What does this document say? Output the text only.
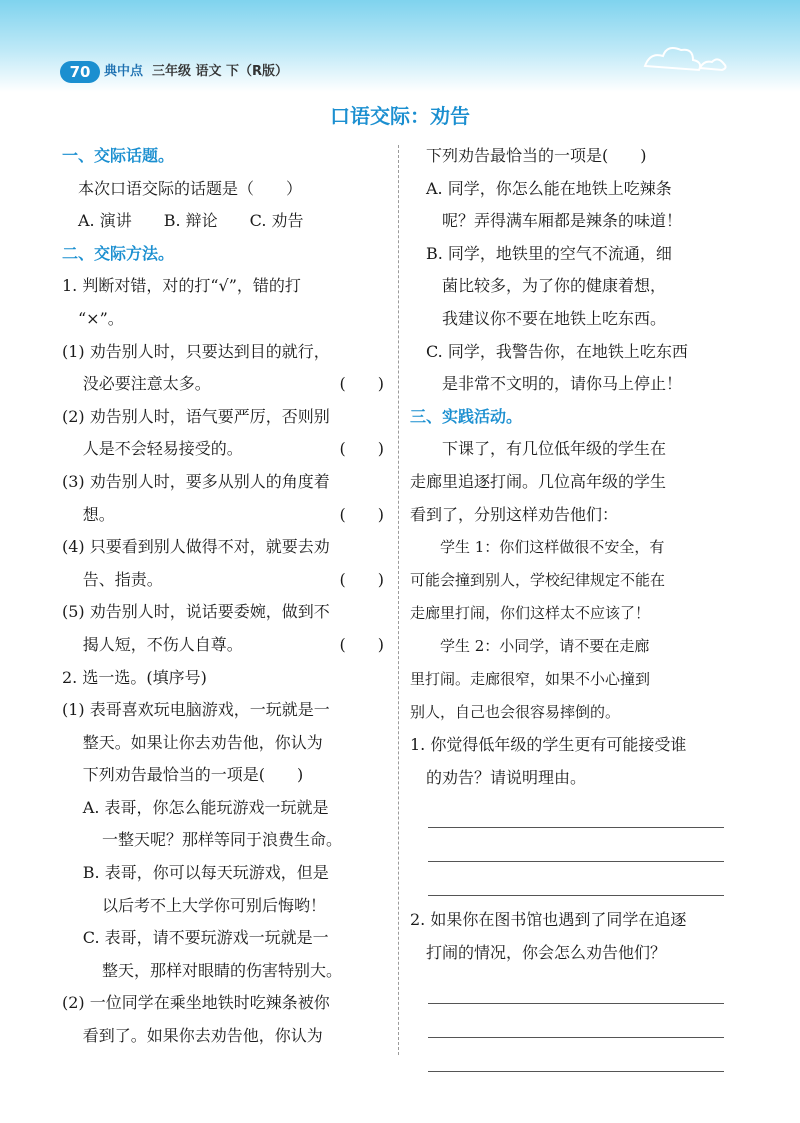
70	典中点 三年级 语文 下（R版）
口语交际：劝告
一、交际话题。
本次口语交际的话题是（　　）
A. 演讲　　B. 辩论　　C. 劝告
二、交际方法。
1. 判断对错，对的打“√”，错的打
“×”。
(1) 劝告别人时，只要达到目的就行，
没必要注意太多。	(　　)
(2) 劝告别人时，语气要严厉，否则别
人是不会轻易接受的。	(　　)
(3) 劝告别人时，要多从别人的角度着
想。	(　　)
(4) 只要看到别人做得不对，就要去劝
告、指责。	(　　)
(5) 劝告别人时，说话要委婉，做到不
揭人短，不伤人自尊。	(　　)
2. 选一选。(填序号)
(1) 表哥喜欢玩电脑游戏，一玩就是一
整天。如果让你去劝告他，你认为
下列劝告最恰当的一项是(　　)
A. 表哥，你怎么能玩游戏一玩就是
一整天呢？那样等同于浪费生命。
B. 表哥，你可以每天玩游戏，但是
以后考不上大学你可别后悔哟！
C. 表哥，请不要玩游戏一玩就是一
整天，那样对眼睛的伤害特别大。
(2) 一位同学在乘坐地铁时吃辣条被你
看到了。如果你去劝告他，你认为
下列劝告最恰当的一项是(　　)
A. 同学，你怎么能在地铁上吃辣条
呢？弄得满车厢都是辣条的味道！
B. 同学，地铁里的空气不流通，细
菌比较多，为了你的健康着想，
我建议你不要在地铁上吃东西。
C. 同学，我警告你，在地铁上吃东西
是非常不文明的，请你马上停止！
三、实践活动。
下课了，有几位低年级的学生在
走廊里追逐打闹。几位高年级的学生
看到了，分别这样劝告他们：
学生 1：你们这样做很不安全，有
可能会撞到别人，学校纪律规定不能在
走廊里打闹，你们这样太不应该了！
学生 2：小同学，请不要在走廊
里打闹。走廊很窄，如果不小心撞到
别人，自己也会很容易摔倒的。
1. 你觉得低年级的学生更有可能接受谁
的劝告？请说明理由。
2. 如果你在图书馆也遇到了同学在追逐
打闹的情况，你会怎么劝告他们？
